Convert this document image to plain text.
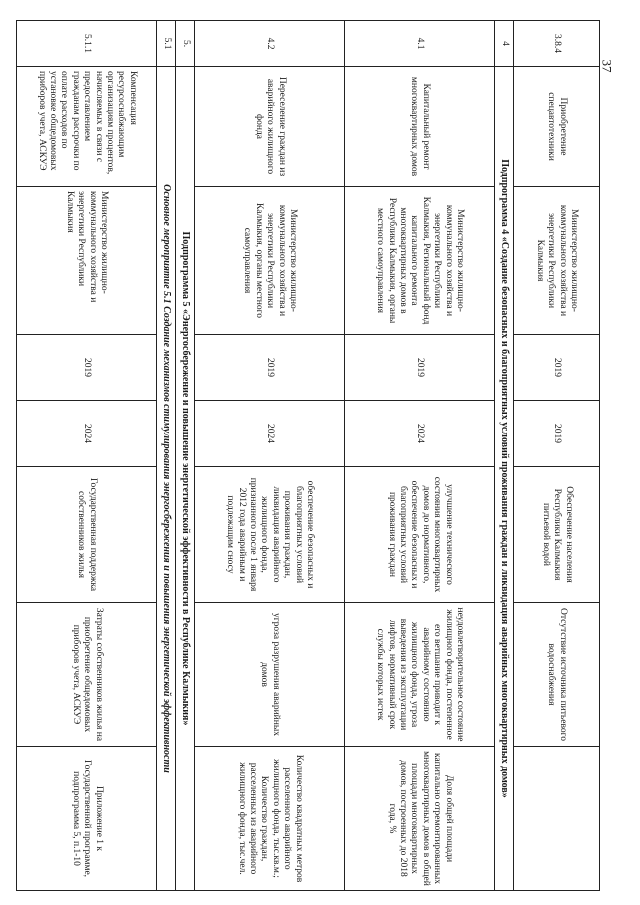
37
3.8.4	Приобретение спецавтотехники	Министерство жилищно-коммунального хозяйства и энергетики Республики Калмыкия	2019	2019	Обеспечение населения Республики Калмыкия питьевой водой	Отсутствие источника питьевого водоснабжения	
4	Подпрограмма 4 «Создание безопасных и благоприятных условий проживания граждан и ликвидация аварийных многоквартирных домов»						
4.1	Капитальный ремонт многоквартирных домов	Министерство жилищно-коммунального хозяйства и энергетики Республики Калмыкия, Региональный фонд капитального ремонта многоквартирных домов в Республики Калмыкия, органы местного самоуправления	2019	2024	улучшение технического состояния многоквартирных домов до нормативного, обеспечение безопасных и благоприятных условий проживания граждан	неудовлетворительное состояние жилищного фонда, постепенное его ветшание приводит к аварийному состоянию жилищного фонда, угроза выведения из эксплуатации лифтов, нормативный срок службы которых истек	Доля общей площади капитально отремонтированных многоквартирных домов в общей площади многоквартирных домов, построенных до 2018 года, %
4.2	Переселение граждан из аварийного жилищного фонда	Министерство жилищно-коммунального хозяйства и энергетики Республики Калмыкия, органы местного самоуправления	2019	2024	обеспечение безопасных и благоприятных условий проживания граждан, ликвидация аварийного жилищного фонда, признанного после 1 января 2012 года аварийным и подлежащим сносу	угроза разрушения аварийных домов	Количество квадратных метров расселенного аварийного жилищного фонда, тыс.кв.м.; Количество граждан, расселенных из аварийного жилищного фонда, тыс.чел.
5.	Подпрограмма 5 «Энергосбережение и повышение энергетической эффективности в Республике Калмыкия»						
5.1	Основное мероприятие 5.1 Создание механизмов стимулирования энергосбережения и повышения энергетической эффективности						
5.1.1	Компенсация ресурсоснабжающим организациям процентов, начисляемых в связи с предоставлением гражданам рассрочки по оплате расходов по установке общедомовых приборов учета, АСКУЭ	Министерство жилищно-коммунального хозяйства и энергетики Республики Калмыкия	2019	2024	Государственная поддержка собственников жилья	Затраты собственников жилья на приобретение общедомовых приборов учета, АСКУЭ	Приложение 1 к Государственной программе, подпрограмма 5, п.1-10
